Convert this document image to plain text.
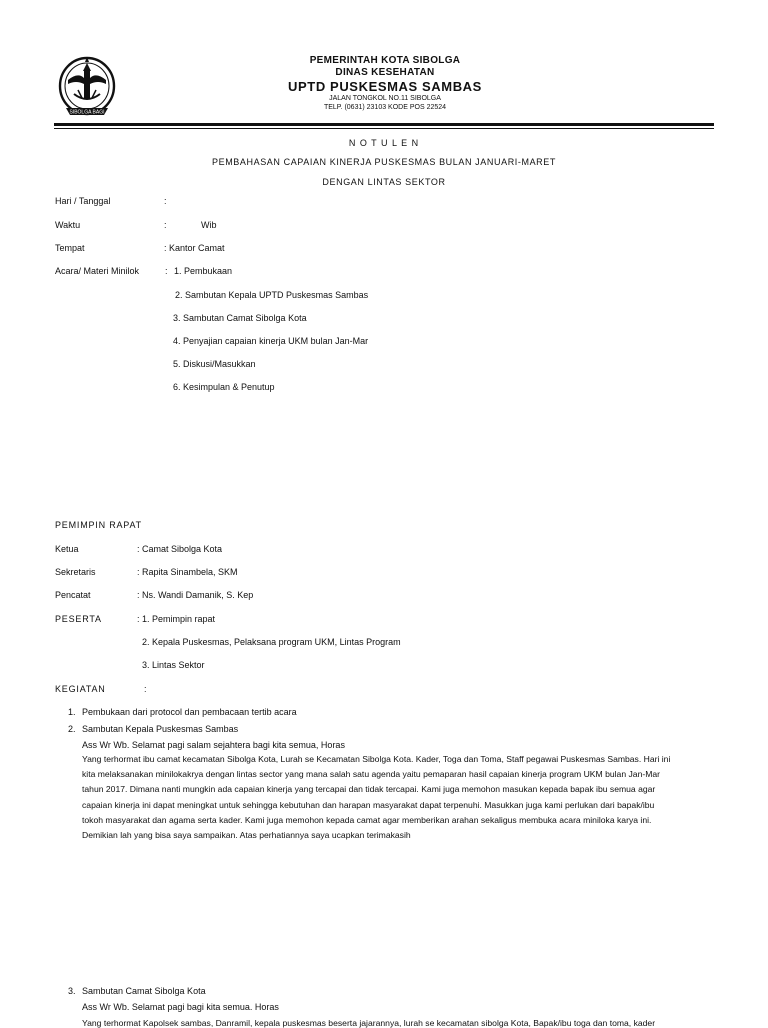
SIBOLGA BAGI
PEMERINTAH KOTA SIBOLGA
DINAS KESEHATAN
UPTD PUSKESMAS SAMBAS
JALAN TONGKOL NO.11 SIBOLGA
TELP. (0631) 23103 KODE POS 22524
N O T U L E N
PEMBAHASAN CAPAIAN KINERJA PUSKESMAS BULAN JANUARI-MARET
DENGAN LINTAS SEKTOR
Hari / Tanggal	:
Waktu	:	Wib
Tempat	: Kantor Camat
Acara/ Materi Minilok	: 1. Pembukaan
2. Sambutan Kepala UPTD Puskesmas Sambas
3. Sambutan Camat Sibolga Kota
4. Penyajian capaian kinerja UKM bulan Jan-Mar
5. Diskusi/Masukkan
6. Kesimpulan & Penutup
PEMIMPIN RAPAT
Ketua	: Camat Sibolga Kota
Sekretaris	: Rapita Sinambela, SKM
Pencatat	: Ns. Wandi Damanik, S. Kep
PESERTA	: 1. Pemimpin rapat
2. Kepala Puskesmas, Pelaksana program UKM, Lintas Program
3. Lintas Sektor
KEGIATAN	:
1. Pembukaan dari protocol dan pembacaan tertib acara
2. Sambutan Kepala Puskesmas Sambas
Ass Wr Wb. Selamat pagi salam sejahtera bagi kita semua, Horas
Yang terhormat ibu camat kecamatan Sibolga Kota, Lurah se Kecamatan Sibolga Kota. Kader, Toga dan Toma, Staff pegawai Puskesmas Sambas. Hari ini
kita melaksanakan minilokakrya dengan lintas sector yang mana salah satu agenda yaitu pemaparan hasil capaian kinerja program UKM bulan Jan-Mar
tahun 2017. Dimana nanti mungkin ada capaian kinerja yang tercapai dan tidak tercapai. Kami juga memohon masukan kepada bapak ibu semua agar
capaian kinerja ini dapat meningkat untuk sehingga kebutuhan dan harapan masyarakat dapat terpenuhi. Masukkan juga kami perlukan dari bapak/ibu
tokoh masyarakat dan agama serta kader. Kami juga memohon kepada camat agar memberikan arahan sekaligus membuka acara miniloka karya ini.
Demikian lah yang bisa saya sampaikan. Atas perhatiannya saya ucapkan terimakasih
3. Sambutan Camat Sibolga Kota
Ass Wr Wb. Selamat pagi bagi kita semua. Horas
Yang terhormat Kapolsek sambas, Danramil, kepala puskesmas beserta jajarannya, lurah se kecamatan sibolga Kota, Bapak/ibu toga dan toma, kader
